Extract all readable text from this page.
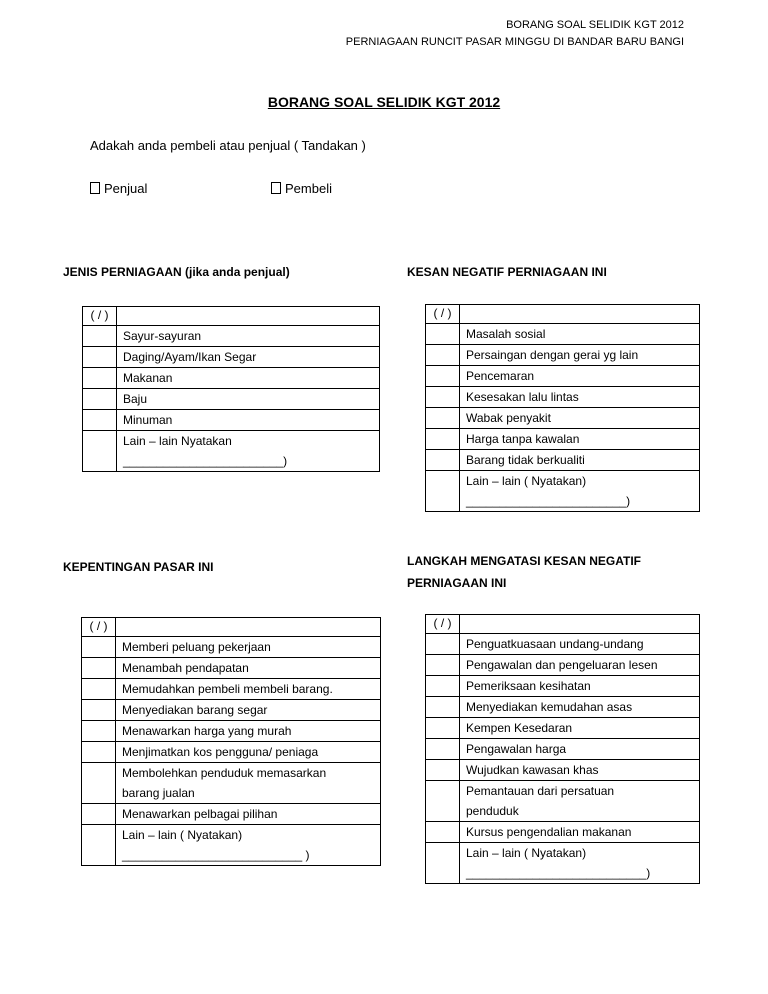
BORANG SOAL SELIDIK KGT 2012
PERNIAGAAN RUNCIT PASAR MINGGU DI BANDAR BARU BANGI
BORANG SOAL SELIDIK KGT 2012
Adakah anda pembeli atau penjual ( Tandakan )
Penjual	Pembeli
JENIS PERNIAGAAN (jika anda penjual)	KESAN NEGATIF PERNIAGAAN INI
KEPENTINGAN PASAR INI	LANGKAH MENGATASI KESAN NEGATIF
PERNIAGAAN INI
( / )	
	Sayur-sayuran
	Daging/Ayam/Ikan Segar
	Makanan
	Baju
	Minuman

	Lain – lain Nyatakan
________________________)
( / )	
	Masalah sosial
	Persaingan dengan gerai yg lain
	Pencemaran
	Kesesakan lalu lintas
	Wabak penyakit
	Harga tanpa kawalan
	Barang tidak berkualiti

	Lain – lain ( Nyatakan)
________________________)
( / )	
	Memberi peluang pekerjaan
	Menambah pendapatan
	Memudahkan pembeli membeli barang.
	Menyediakan barang segar
	Menawarkan harga yang murah
	Menjimatkan kos pengguna/ peniaga

	Membolehkan penduduk memasarkan
barang jualan

	Menawarkan pelbagai pilihan

	Lain – lain ( Nyatakan)
___________________________ )
( / )	
	Penguatkuasaan undang-undang
	Pengawalan dan pengeluaran lesen
	Pemeriksaan kesihatan
	Menyediakan kemudahan asas
	Kempen Kesedaran
	Pengawalan harga
	Wujudkan kawasan khas

	Pemantauan dari persatuan
penduduk

	Kursus pengendalian makanan

	Lain – lain ( Nyatakan)
___________________________)
